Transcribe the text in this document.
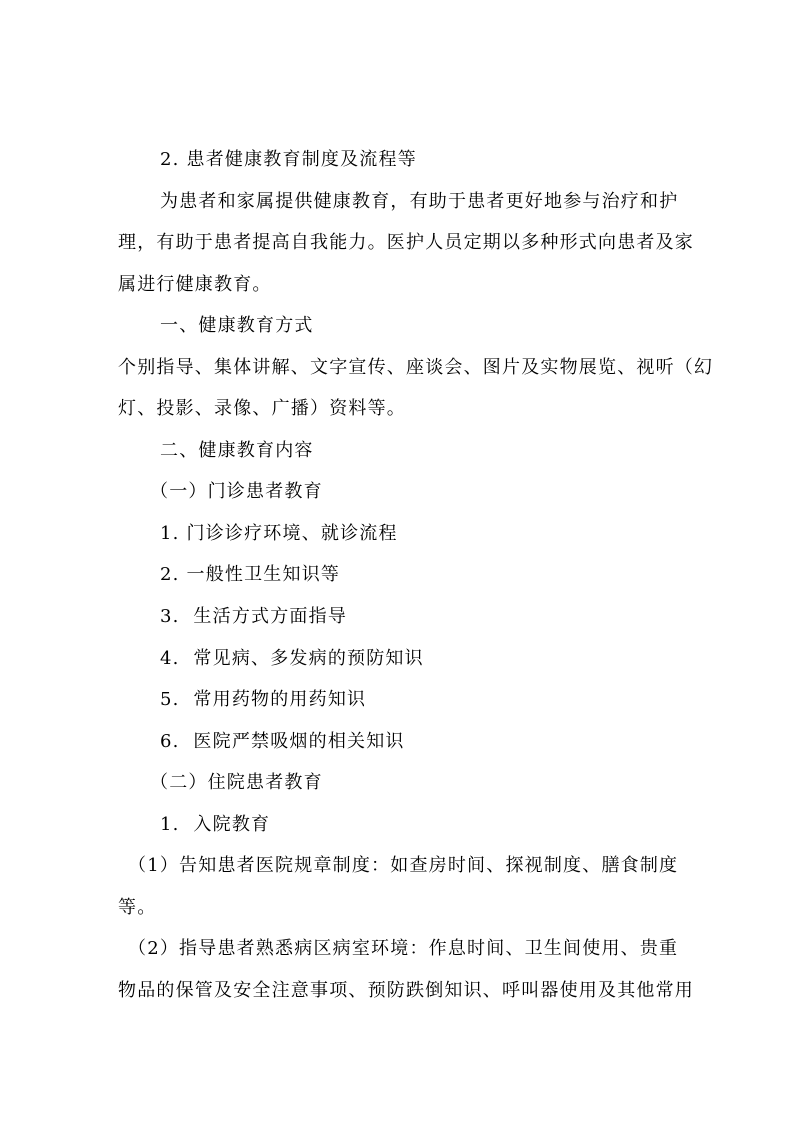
2. 患者健康教育制度及流程等
为患者和家属提供健康教育，有助于患者更好地参与治疗和护
理，有助于患者提高自我能力。医护人员定期以多种形式向患者及家
属进行健康教育。
一、健康教育方式
个别指导、集体讲解、文字宣传、座谈会、图片及实物展览、视听（幻
灯、投影、录像、广播）资料等。
二、健康教育内容
（一）门诊患者教育
1. 门诊诊疗环境、就诊流程
2. 一般性卫生知识等
3.  生活方式方面指导
4.  常见病、多发病的预防知识
5.  常用药物的用药知识
6.  医院严禁吸烟的相关知识
（二）住院患者教育
1.  入院教育
（1）告知患者医院规章制度：如查房时间、探视制度、膳食制度
等。
（2）指导患者熟悉病区病室环境：作息时间、卫生间使用、贵重
物品的保管及安全注意事项、预防跌倒知识、呼叫器使用及其他常用
